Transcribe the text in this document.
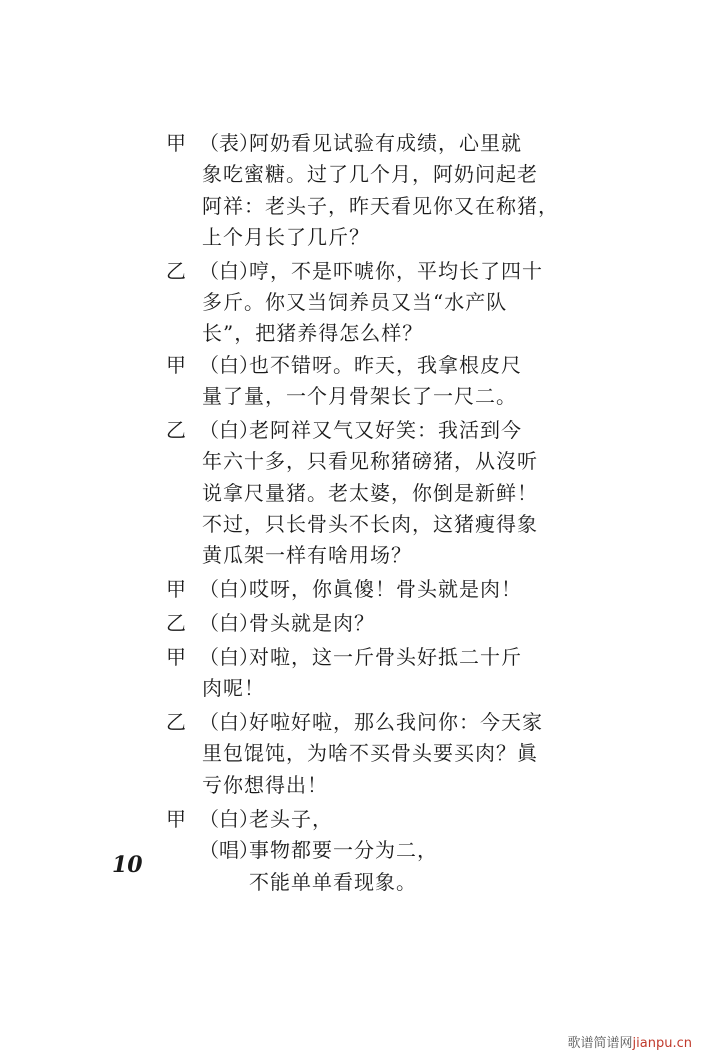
甲 （表）
阿奶看见试验有成绩，心里就
象吃蜜糖。过了几个月，阿奶问起老
阿祥：老头子，昨天看见你又在称猪，
上个月长了几斤？
乙 （白）
哼，不是吓唬你，平均长了四十
多斤。你又当饲养员又当“水产队
长”，把猪养得怎么样？
甲 （白）
也不错呀。昨天，我拿根皮尺
量了量，一个月骨架长了一尺二。
乙 （白）
老阿祥又气又好笑：我活到今
年六十多，只看见称猪磅猪，从沒听
说拿尺量猪。老太婆，你倒是新鲜！
不过，只长骨头不长肉，这猪瘦得象
黄瓜架一样有啥用场？
甲 （白）
哎呀，你眞傻！骨头就是肉！
乙 （白）
骨头就是肉？
甲 （白）
对啦，这一斤骨头好抵二十斤
肉呢！
乙 （白）
好啦好啦，那么我问你：今天家
里包馄饨，为啥不买骨头要买肉？眞
亏你想得出！
甲 （白）
老头子，
（唱）
事物都要一分为二，
不能单单看现象。
10
歌谱简谱网jianpu.cn
